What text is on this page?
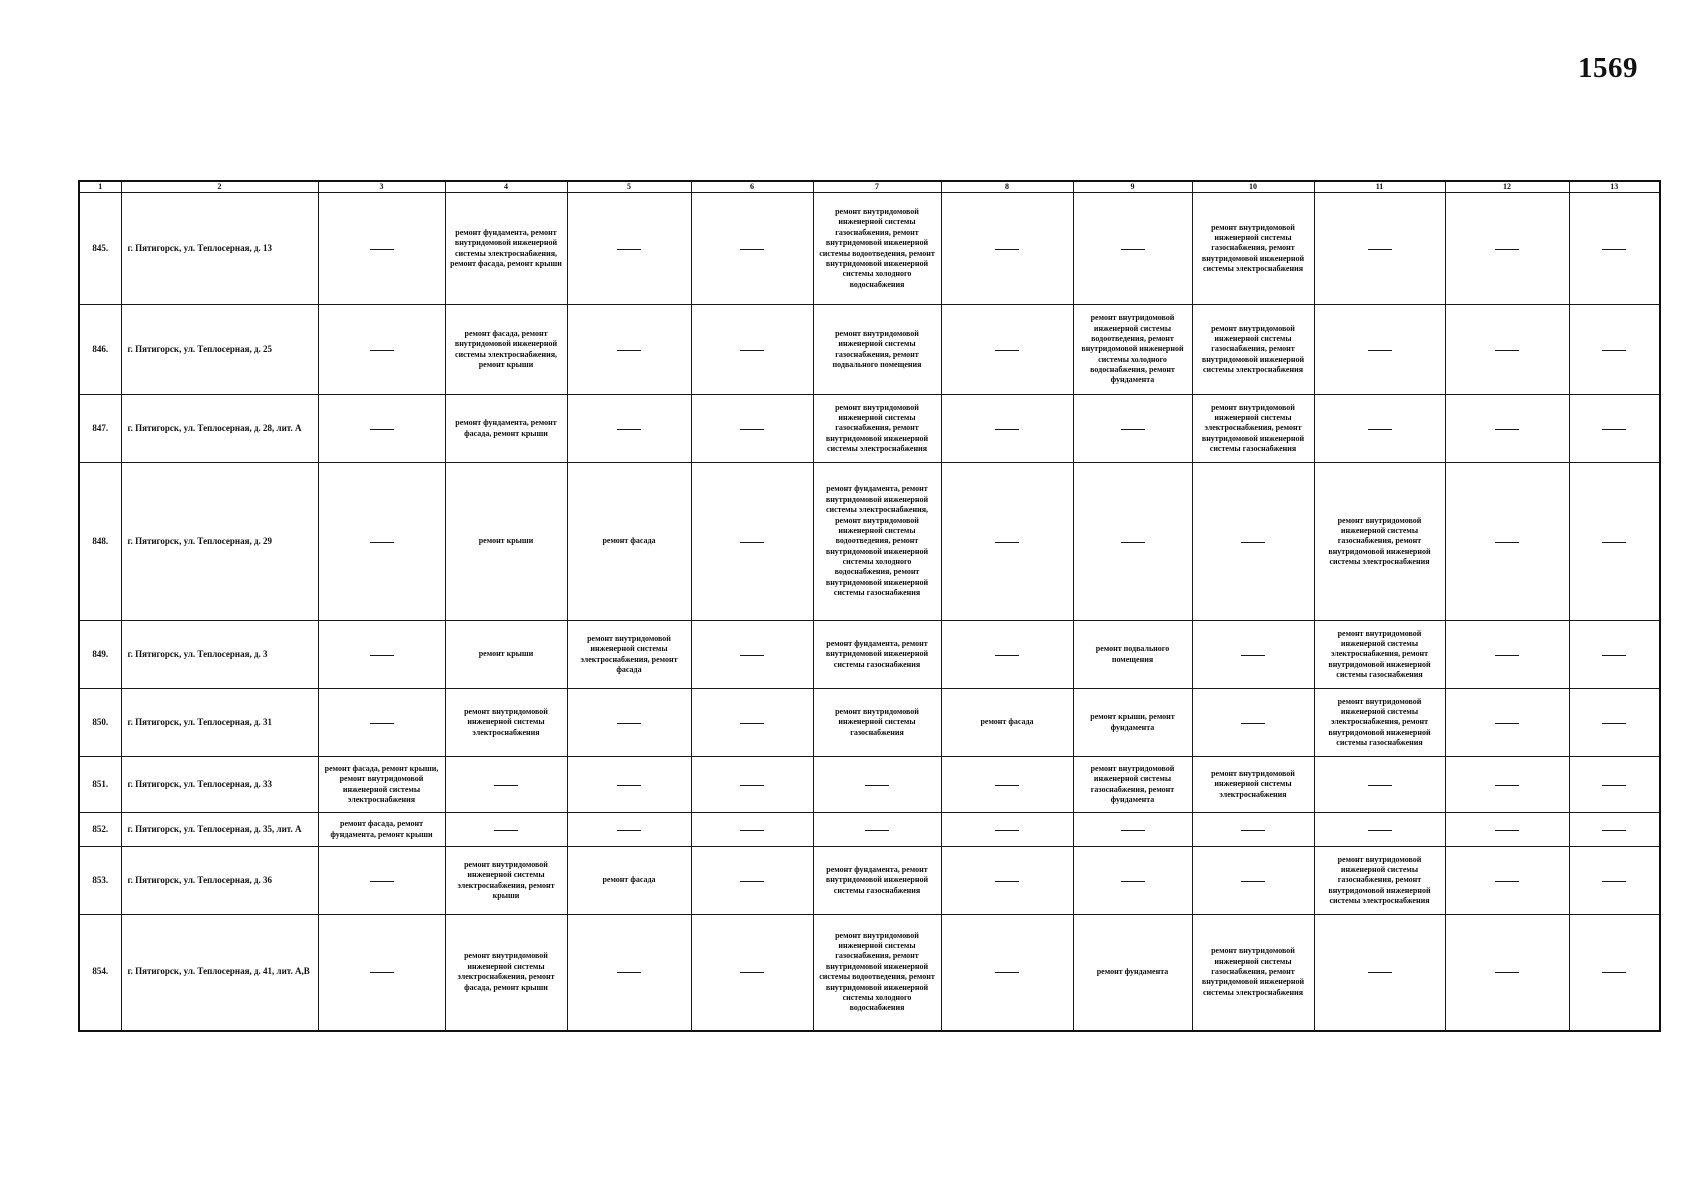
1569
1	2	3	4	5	6	7	8	9	10	11	12	13
845.	г. Пятигорск, ул. Теплосерная, д. 13		ремонт фундамента, ремонт внутридомовой инженерной системы электроснабжения, ремонт фасада, ремонт крыши			ремонт внутридомовой инженерной системы газоснабжения, ремонт внутридомовой инженерной системы водоотведения, ремонт внутридомовой инженерной системы холодного водоснабжения			ремонт внутридомовой инженерной системы газоснабжения, ремонт внутридомовой инженерной системы электроснабжения			
846.	г. Пятигорск, ул. Теплосерная, д. 25		ремонт фасада, ремонт внутридомовой инженерной системы электроснабжения, ремонт крыши			ремонт внутридомовой инженерной системы газоснабжения, ремонт подвального помещения		ремонт внутридомовой инженерной системы водоотведения, ремонт внутридомовой инженерной системы холодного водоснабжения, ремонт фундамента	ремонт внутридомовой инженерной системы газоснабжения, ремонт внутридомовой инженерной системы электроснабжения			
847.	г. Пятигорск, ул. Теплосерная, д. 28, лит. А		ремонт фундамента, ремонт фасада, ремонт крыши			ремонт внутридомовой инженерной системы газоснабжения, ремонт внутридомовой инженерной системы электроснабжения			ремонт внутридомовой инженерной системы электроснабжения, ремонт внутридомовой инженерной системы газоснабжения			
848.	г. Пятигорск, ул. Теплосерная, д. 29		ремонт крыши	ремонт фасада		ремонт фундамента, ремонт внутридомовой инженерной системы электроснабжения, ремонт внутридомовой инженерной системы водоотведения, ремонт внутридомовой инженерной системы холодного водоснабжения, ремонт внутридомовой инженерной системы газоснабжения				ремонт внутридомовой инженерной системы газоснабжения, ремонт внутридомовой инженерной системы электроснабжения		
849.	г. Пятигорск, ул. Теплосерная, д. 3		ремонт крыши	ремонт внутридомовой инженерной системы электроснабжения, ремонт фасада		ремонт фундамента, ремонт внутридомовой инженерной системы газоснабжения		ремонт подвального помещения		ремонт внутридомовой инженерной системы электроснабжения, ремонт внутридомовой инженерной системы газоснабжения		
850.	г. Пятигорск, ул. Теплосерная, д. 31		ремонт внутридомовой инженерной системы электроснабжения			ремонт внутридомовой инженерной системы газоснабжения	ремонт фасада	ремонт крыши, ремонт фундамента		ремонт внутридомовой инженерной системы электроснабжения, ремонт внутридомовой инженерной системы газоснабжения		
851.	г. Пятигорск, ул. Теплосерная, д. 33	ремонт фасада, ремонт крыши, ремонт внутридомовой инженерной системы электроснабжения						ремонт внутридомовой инженерной системы газоснабжения, ремонт фундамента	ремонт внутридомовой инженерной системы электроснабжения			
852.	г. Пятигорск, ул. Теплосерная, д. 35, лит. А	ремонт фасада, ремонт фундамента, ремонт крыши										
853.	г. Пятигорск, ул. Теплосерная, д. 36		ремонт внутридомовой инженерной системы электроснабжения, ремонт крыши	ремонт фасада		ремонт фундамента, ремонт внутридомовой инженерной системы газоснабжения				ремонт внутридомовой инженерной системы газоснабжения, ремонт внутридомовой инженерной системы электроснабжения		
854.	г. Пятигорск, ул. Теплосерная, д. 41, лит. А,В		ремонт внутридомовой инженерной системы электроснабжения, ремонт фасада, ремонт крыши			ремонт внутридомовой инженерной системы газоснабжения, ремонт внутридомовой инженерной системы водоотведения, ремонт внутридомовой инженерной системы холодного водоснабжения		ремонт фундамента	ремонт внутридомовой инженерной системы газоснабжения, ремонт внутридомовой инженерной системы электроснабжения			
